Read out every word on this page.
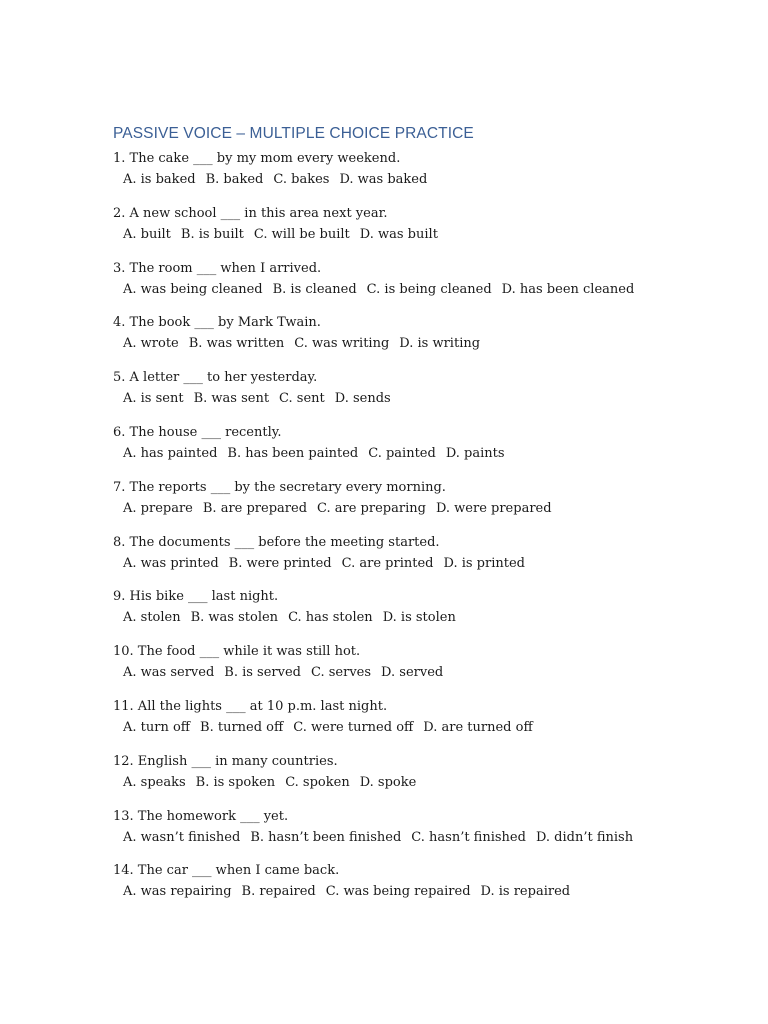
PASSIVE VOICE – MULTIPLE CHOICE PRACTICE
1. The cake ___ by my mom every weekend.
A. is baked B. baked C. bakes D. was baked
2. A new school ___ in this area next year.
A. built B. is built C. will be built D. was built
3. The room ___ when I arrived.
A. was being cleaned B. is cleaned C. is being cleaned D. has been cleaned
4. The book ___ by Mark Twain.
A. wrote B. was written C. was writing D. is writing
5. A letter ___ to her yesterday.
A. is sent B. was sent C. sent D. sends
6. The house ___ recently.
A. has painted B. has been painted C. painted D. paints
7. The reports ___ by the secretary every morning.
A. prepare B. are prepared C. are preparing D. were prepared
8. The documents ___ before the meeting started.
A. was printed B. were printed C. are printed D. is printed
9. His bike ___ last night.
A. stolen B. was stolen C. has stolen D. is stolen
10. The food ___ while it was still hot.
A. was served B. is served C. serves D. served
11. All the lights ___ at 10 p.m. last night.
A. turn off B. turned off C. were turned off D. are turned off
12. English ___ in many countries.
A. speaks B. is spoken C. spoken D. spoke
13. The homework ___ yet.
A. wasn’t finished B. hasn’t been finished C. hasn’t finished D. didn’t finish
14. The car ___ when I came back.
A. was repairing B. repaired C. was being repaired D. is repaired
